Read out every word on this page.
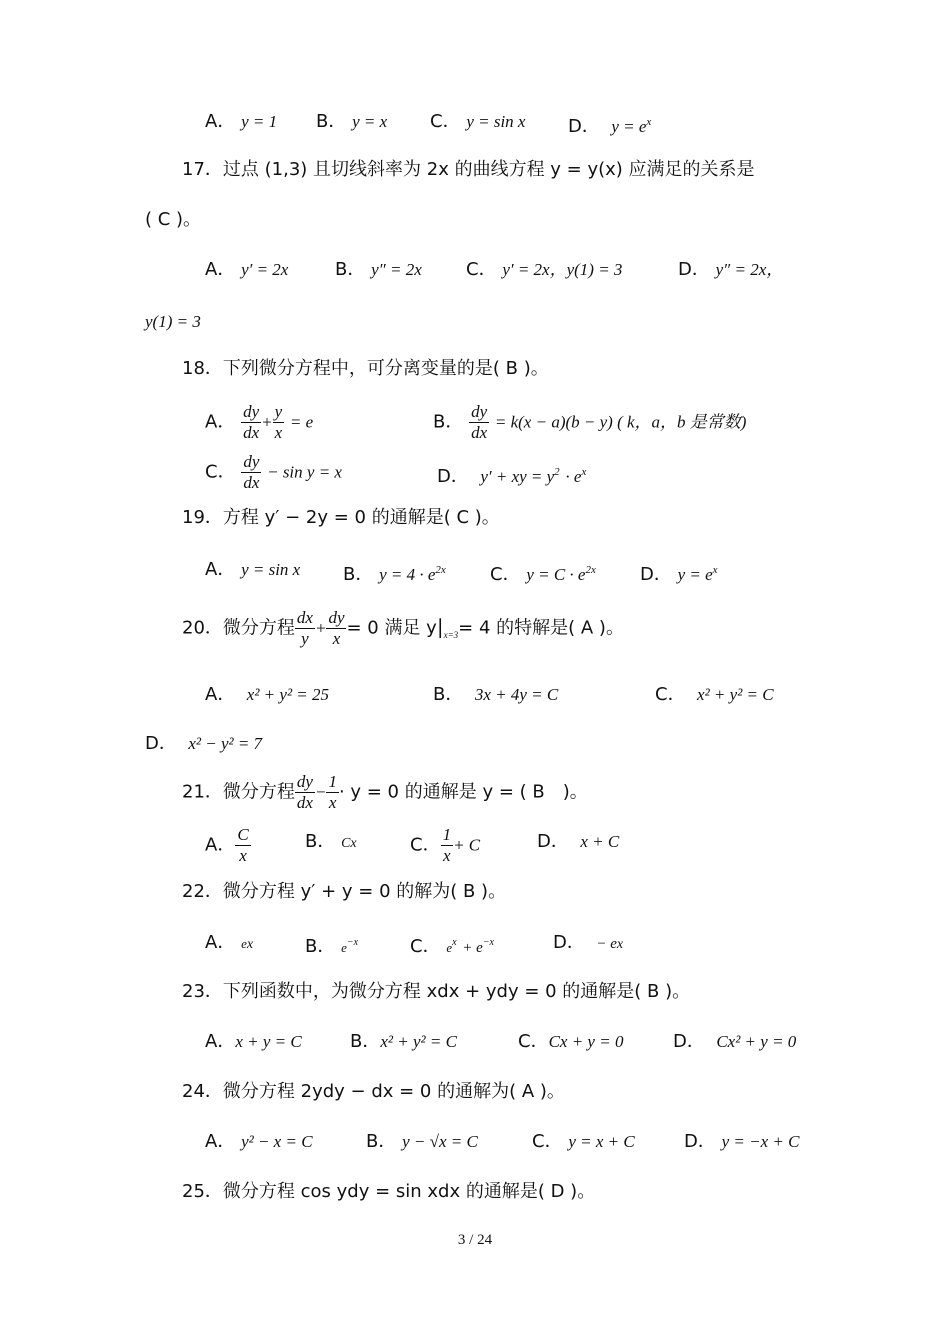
A． y = 1 B． y = x C． y = sin x D． $y = e^x$
17．过点 (1,3) 且切线斜率为 2x 的曲线方程 y = y(x) 应满足的关系是
( C )。
A． y′ = 2x	B． y″ = 2x C． y′ = 2x，y(1) = 3	D． y″ = 2x，
y(1) = 3
18．下列微分方程中，可分离变量的是( B )。
A． $\frac{dy}{dx} + \frac{y}{x} = e$	B． $\frac{dy}{dx} = k(x - a)(b - y)$ ( k，a，b 是常数)
C． $\frac{dy}{dx} - \sin y = x$	D． y′ + xy = $y^2 \cdot e^x$
19．方程 y′ − 2y = 0 的通解是( C )。
A． y = sin x B． $y = 4 \cdot e^{2x}$ C． $y = C \cdot e^{2x}$ D． $y = e^x$
20．微分方程 $\frac{dx}{y} + \frac{dy}{x} = 0$ 满足 $y|_{x=3}= 4$ 的特解是( A )。
A． x² + y² = 25	B． 3x + 4y = C	C． x² + y² = C
D． x² − y² = 7
21．微分方程 $\frac{dy}{dx} - \frac{1}{x} \cdot y = 0$ 的通解是 y = ( B　)。
A． $\frac{C}{x}$	B． Cx	C． $\frac{1}{x} + C$	D． x + C
22．微分方程 y′ + y = 0 的解为( B )。
A． ex	B． $e^{-x}$	C． $e^x + e^{-x}$	D． − ex
23．下列函数中，为微分方程 xdx + ydy = 0 的通解是( B )。
A．x + y = C	B．x² + y² = C	C．Cx + y = 0	D． Cx² + y = 0
24．微分方程 2ydy − dx = 0 的通解为( A )。
A． y² − x = C	B． y − √x = C	C． y = x + C	D． y = −x + C
25．微分方程 cos ydy = sin xdx 的通解是( D )。
3 / 24
